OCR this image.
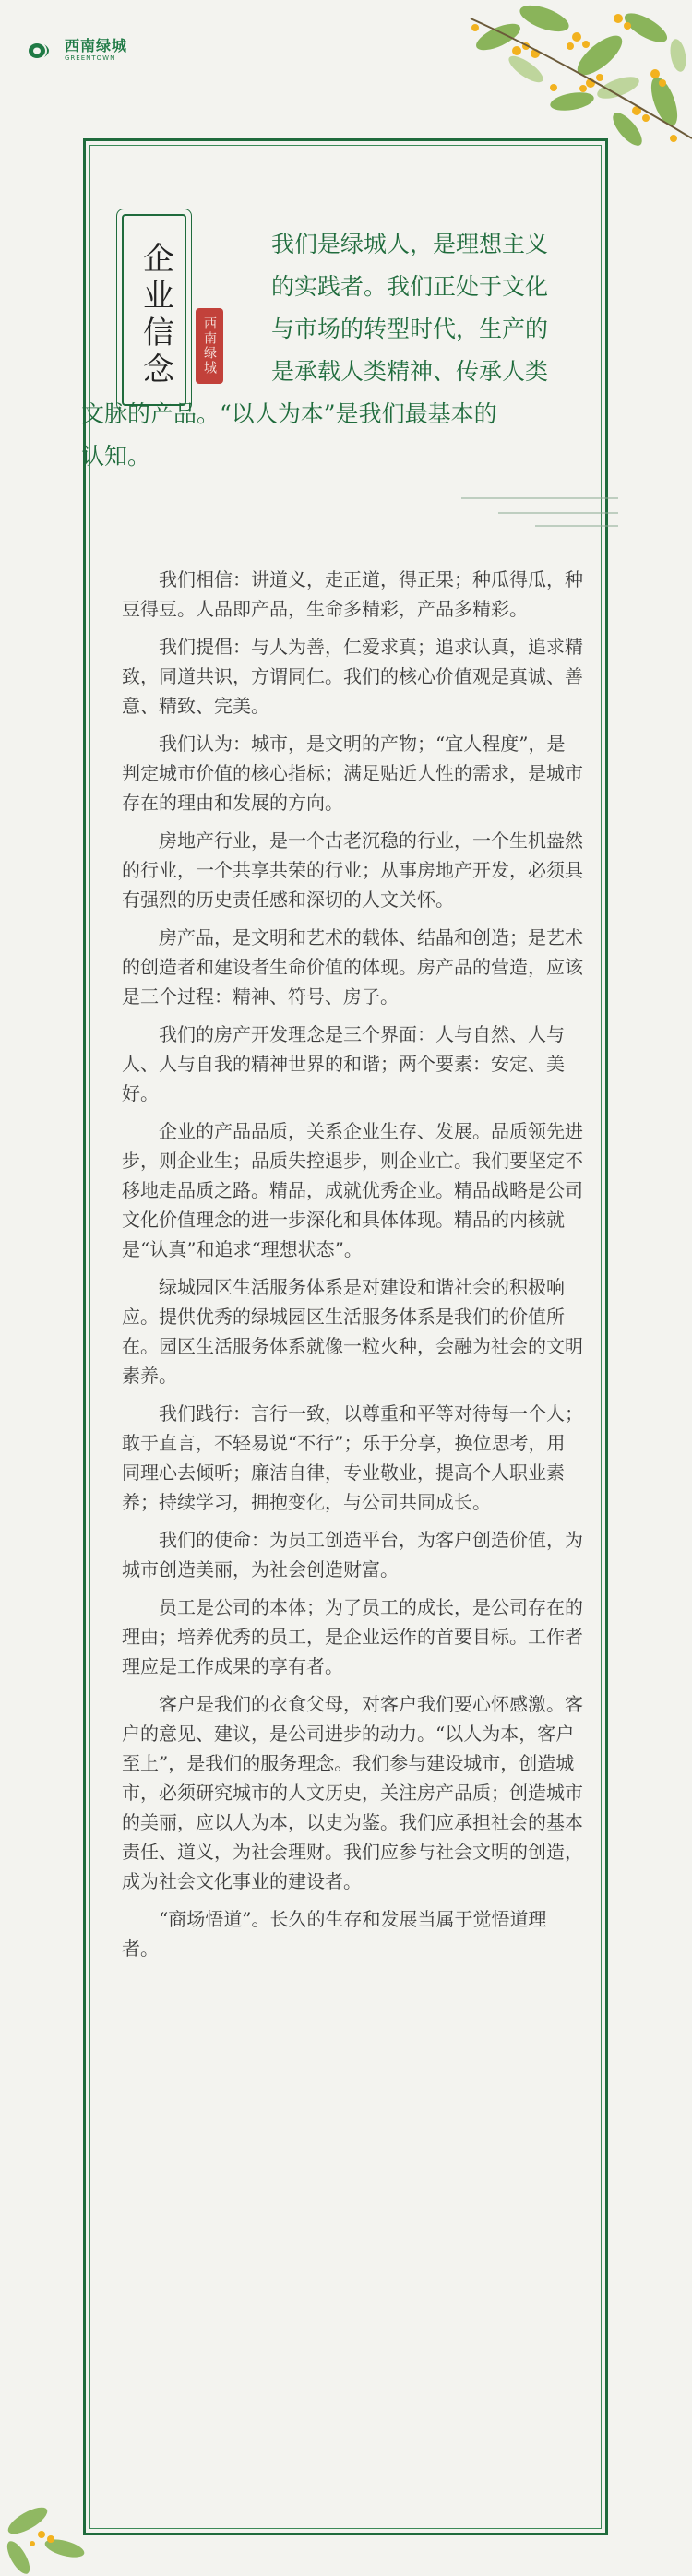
西南绿城
GREENTOWN
企业信念	西南绿城
我们是绿城人，是理想主义
的实践者。我们正处于文化
与市场的转型时代，生产的
是承载人类精神、传承人类
文脉的产品。“以人为本”是我们最基本的
认知。

我们相信：讲道义，走正道，得正果；种瓜得瓜，种豆得豆。人品即产品，生命多精彩，产品多精彩。

我们提倡：与人为善，仁爱求真；追求认真，追求精致，同道共识，方谓同仁。我们的核心价值观是真诚、善意、精致、完美。

我们认为：城市，是文明的产物；“宜人程度”，是判定城市价值的核心指标；满足贴近人性的需求，是城市存在的理由和发展的方向。

房地产行业，是一个古老沉稳的行业，一个生机盎然的行业，一个共享共荣的行业；从事房地产开发，必须具有强烈的历史责任感和深切的人文关怀。

房产品，是文明和艺术的载体、结晶和创造；是艺术的创造者和建设者生命价值的体现。房产品的营造，应该是三个过程：精神、符号、房子。

我们的房产开发理念是三个界面：人与自然、人与人、人与自我的精神世界的和谐；两个要素：安定、美好。

企业的产品品质，关系企业生存、发展。品质领先进步，则企业生；品质失控退步，则企业亡。我们要坚定不移地走品质之路。精品，成就优秀企业。精品战略是公司文化价值理念的进一步深化和具体体现。精品的内核就是“认真”和追求“理想状态”。

绿城园区生活服务体系是对建设和谐社会的积极响应。提供优秀的绿城园区生活服务体系是我们的价值所在。园区生活服务体系就像一粒火种，会融为社会的文明素养。

我们践行：言行一致，以尊重和平等对待每一个人；敢于直言，不轻易说“不行”；乐于分享，换位思考，用同理心去倾听；廉洁自律，专业敬业，提高个人职业素养；持续学习，拥抱变化，与公司共同成长。

我们的使命：为员工创造平台，为客户创造价值，为城市创造美丽，为社会创造财富。

员工是公司的本体；为了员工的成长，是公司存在的理由；培养优秀的员工，是企业运作的首要目标。工作者理应是工作成果的享有者。

客户是我们的衣食父母，对客户我们要心怀感激。客户的意见、建议，是公司进步的动力。“以人为本，客户至上”，是我们的服务理念。我们参与建设城市，创造城市，必须研究城市的人文历史，关注房产品质；创造城市的美丽，应以人为本，以史为鉴。我们应承担社会的基本责任、道义，为社会理财。我们应参与社会文明的创造，成为社会文化事业的建设者。

“商场悟道”。长久的生存和发展当属于觉悟道理者。
